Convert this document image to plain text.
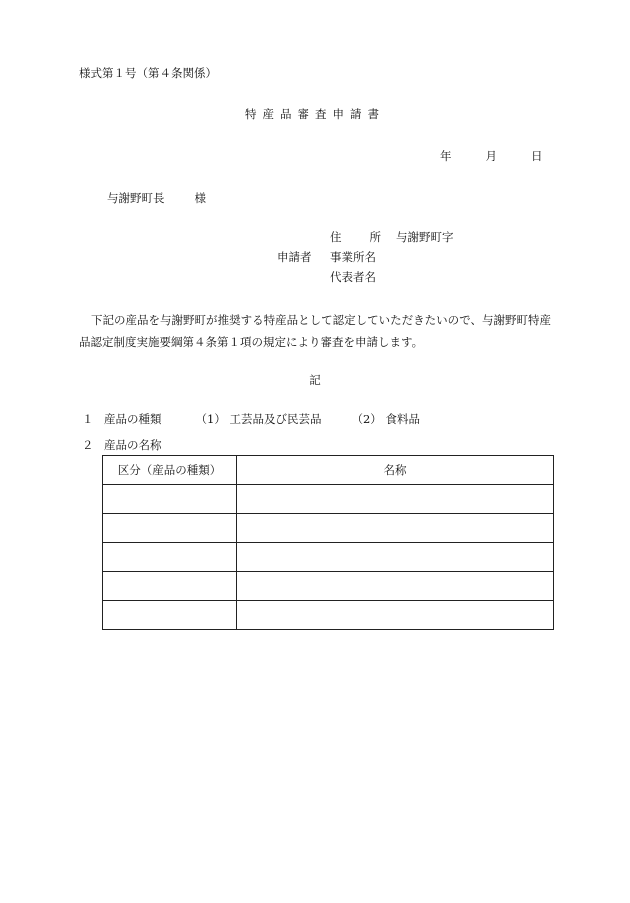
様式第１号（第４条関係）
特産品審査申請書
年	月	日
与謝野町長	様
住所
与謝野町字
申請者 事業所名
代表者名
下記の産品を与謝野町が推奨する特産品として認定していただきたいので、与謝野町特産品認定制度実施要綱第４条第１項の規定により審査を申請します。
記
１ 産品の種類	（1） 工芸品及び民芸品	（2） 食料品
２ 産品の名称
区分（産品の種類）	名称
